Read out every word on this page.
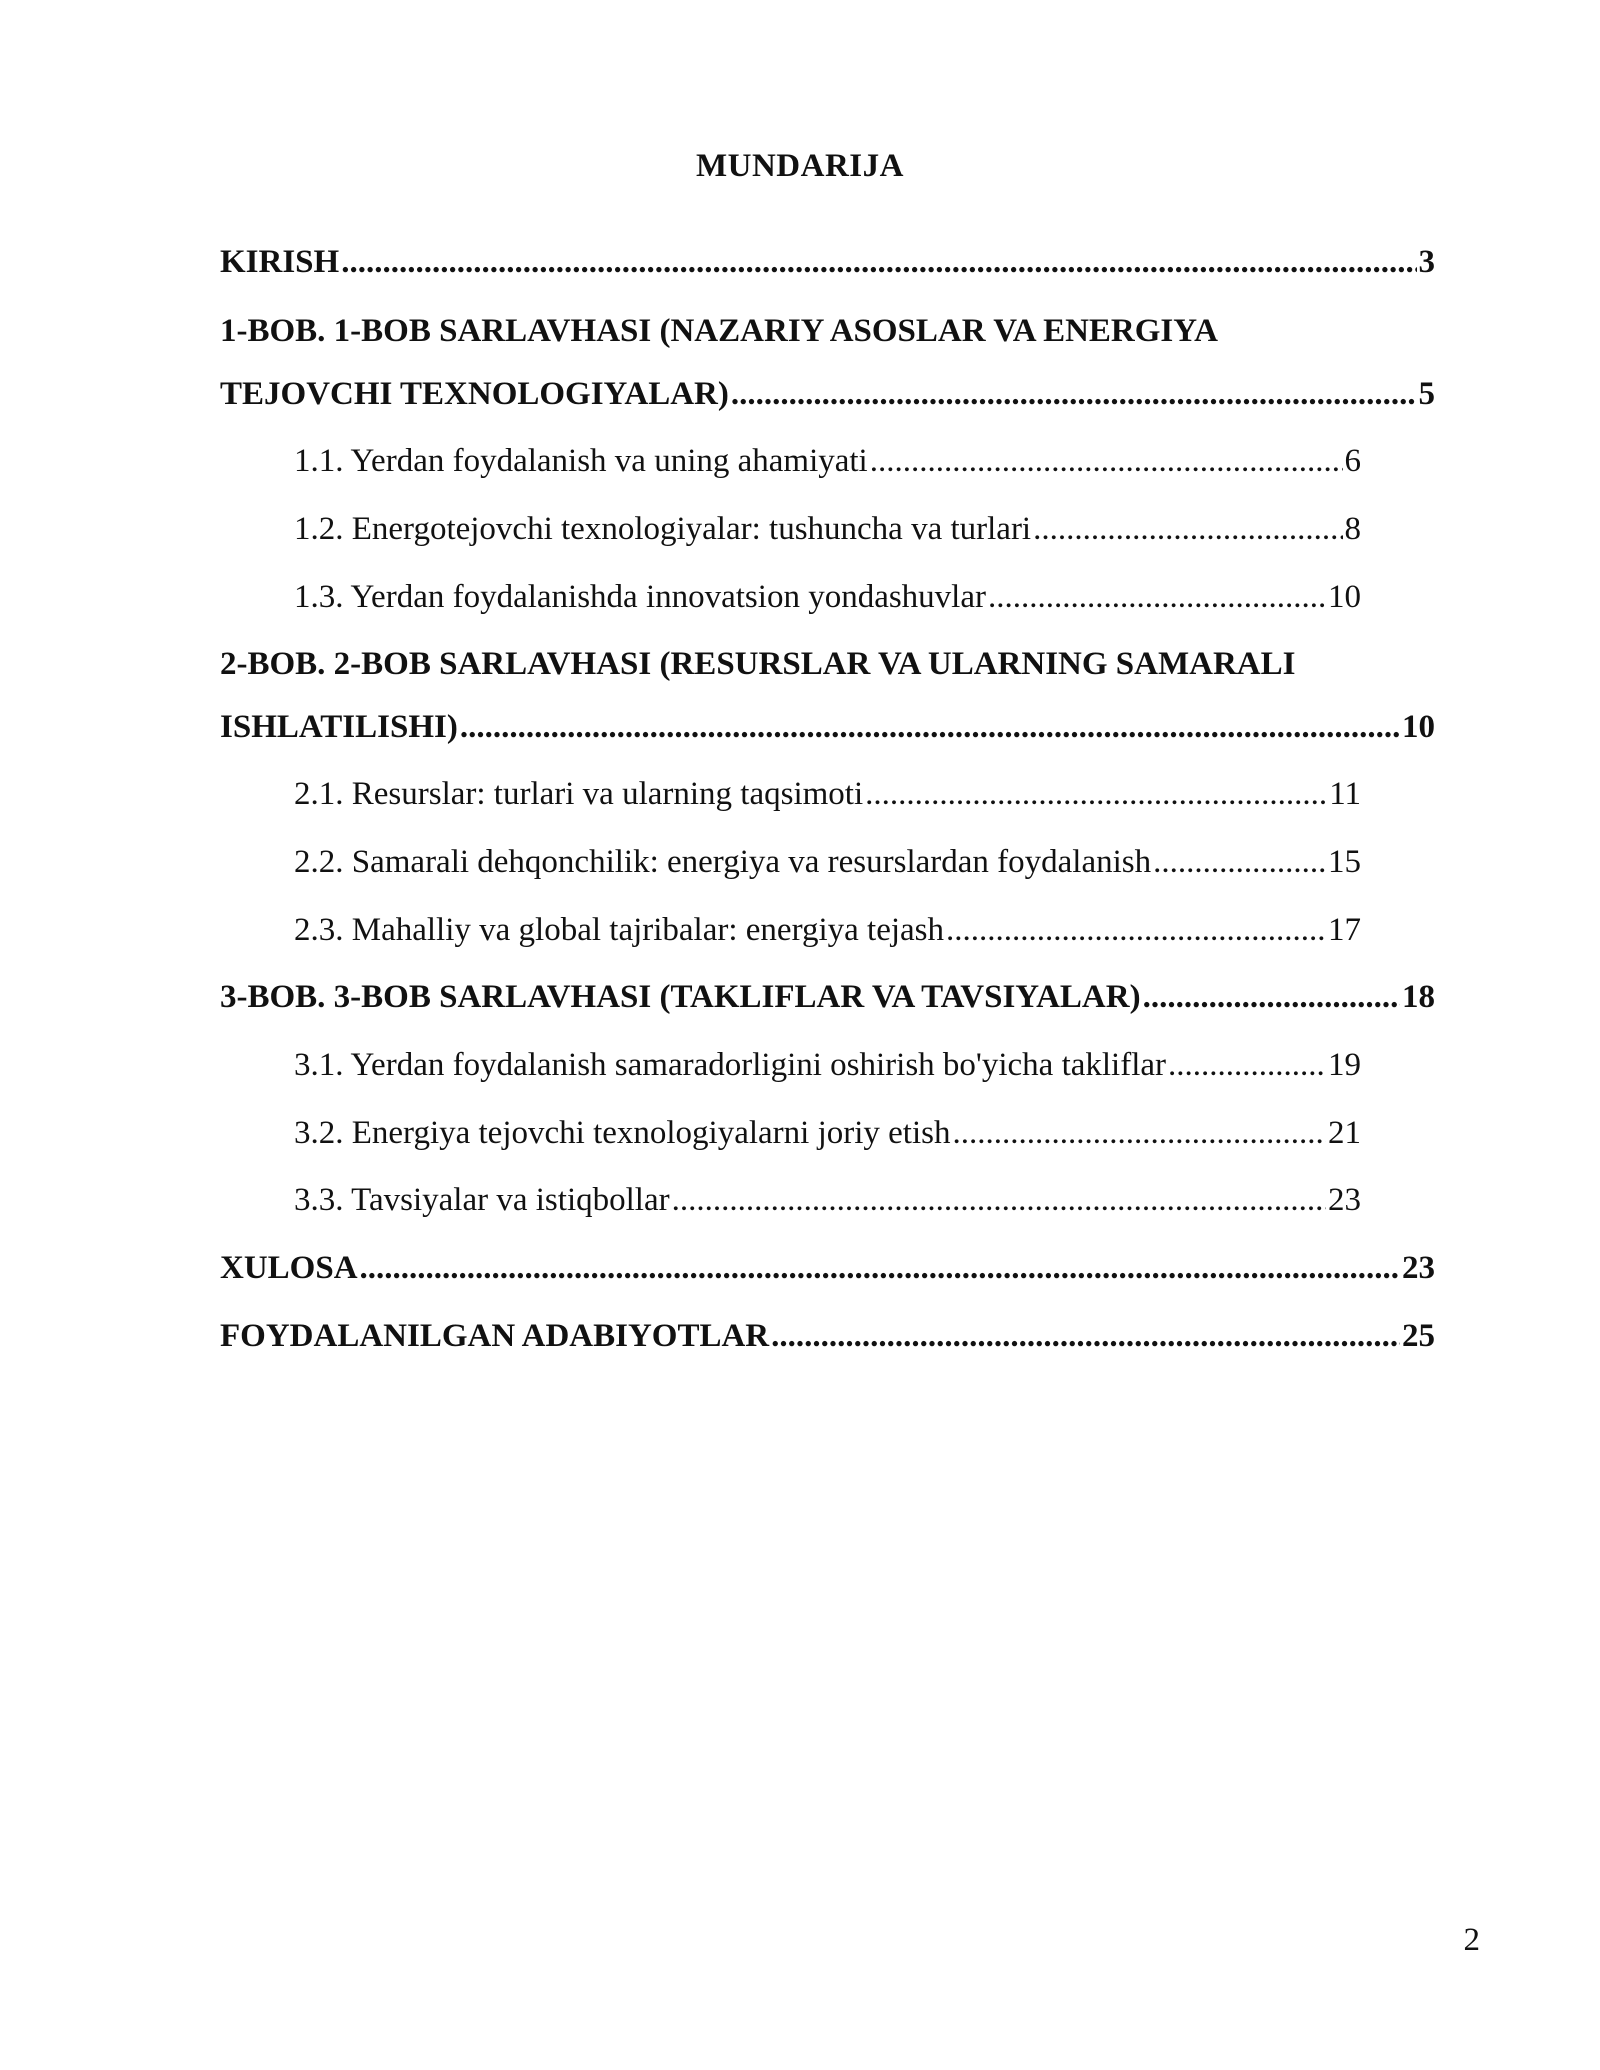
MUNDARIJA
KIRISH .....	3
1-BOB. 1-BOB SARLAVHASI (NAZARIY ASOSLAR VA ENERGIYA
TEJOVCHI TEXNOLOGIYALAR) .....	5
1.1. Yerdan foydalanish va uning ahamiyati .....	6
1.2. Energotejovchi texnologiyalar: tushuncha va turlari .....	8
1.3. Yerdan foydalanishda innovatsion yondashuvlar .....	10
2-BOB. 2-BOB SARLAVHASI (RESURSLAR VA ULARNING SAMARALI
ISHLATILISHI) .....	10
2.1. Resurslar: turlari va ularning taqsimoti .....	11
2.2. Samarali dehqonchilik: energiya va resurslardan foydalanish .....	15
2.3. Mahalliy va global tajribalar: energiya tejash .....	17
3-BOB. 3-BOB SARLAVHASI (TAKLIFLAR VA TAVSIYALAR) .....	18
3.1. Yerdan foydalanish samaradorligini oshirish bo'yicha takliflar .....	19
3.2. Energiya tejovchi texnologiyalarni joriy etish .....	21
3.3. Tavsiyalar va istiqbollar .....	23
XULOSA .....	23
FOYDALANILGAN ADABIYOTLAR .....	25
2
